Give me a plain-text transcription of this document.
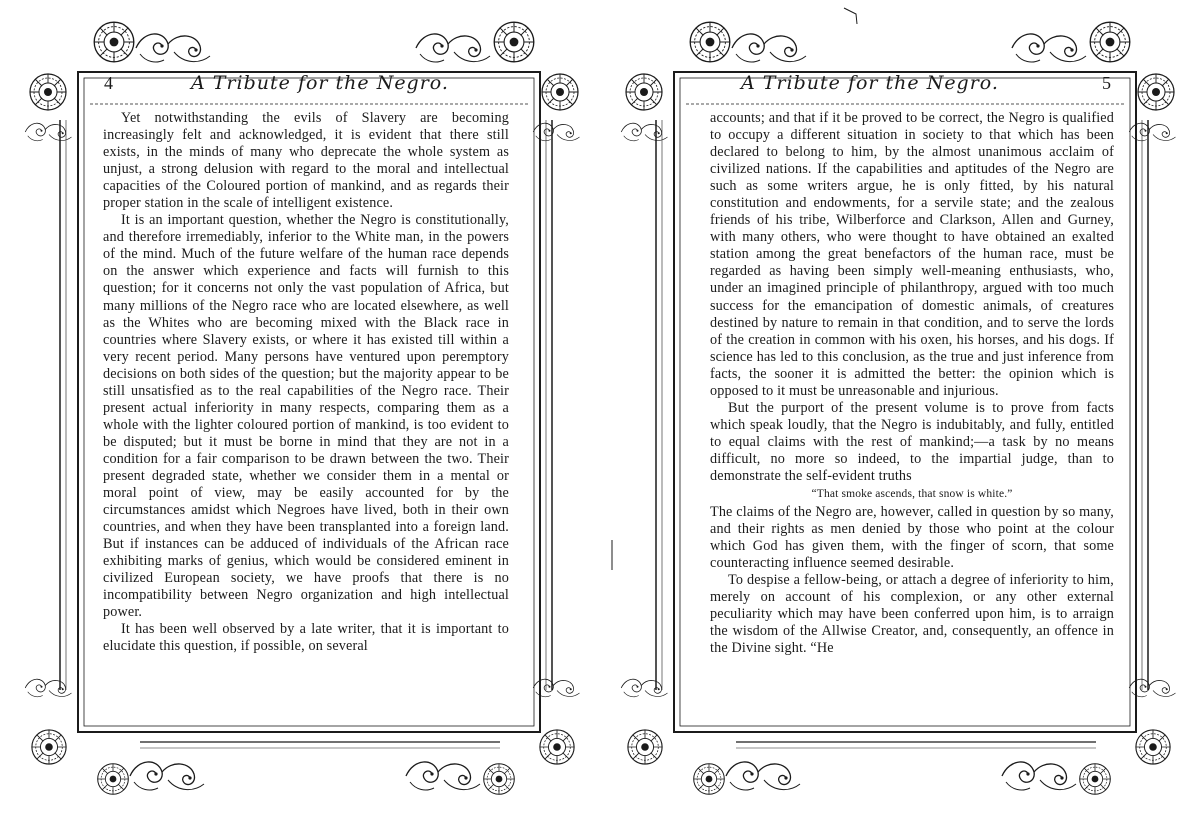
4	A Tribute for the Negro.

Yet notwithstanding the evils of Slavery are becoming increasingly felt and acknowledged, it is evident that there still exists, in the minds of many who deprecate the whole system as unjust, a strong delusion with regard to the moral and intellectual capacities of the Coloured portion of mankind, and as regards their proper station in the scale of intelligent existence.

It is an important question, whether the Negro is constitutionally, and therefore irremediably, inferior to the White man, in the powers of the mind. Much of the future welfare of the human race depends on the answer which experience and facts will furnish to this question; for it concerns not only the vast population of Africa, but many millions of the Negro race who are located elsewhere, as well as the Whites who are becoming mixed with the Black race in countries where Slavery exists, or where it has existed till within a very recent period. Many persons have ventured upon peremptory decisions on both sides of the question; but the majority appear to be still unsatisfied as to the real capabilities of the Negro race. Their present actual inferiority in many respects, comparing them as a whole with the lighter coloured portion of mankind, is too evident to be disputed; but it must be borne in mind that they are not in a condition for a fair comparison to be drawn between the two. Their present degraded state, whether we consider them in a mental or moral point of view, may be easily accounted for by the circumstances amidst which Negroes have lived, both in their own countries, and when they have been transplanted into a foreign land. But if instances can be adduced of individuals of the African race exhibiting marks of genius, which would be considered eminent in civilized European society, we have proofs that there is no incompatibility between Negro organization and high intellectual power.

It has been well observed by a late writer, that it is important to elucidate this question, if possible, on several

A Tribute for the Negro.	5

accounts; and that if it be proved to be correct, the Negro is qualified to occupy a different situation in society to that which has been declared to belong to him, by the almost unanimous acclaim of civilized nations. If the capabilities and aptitudes of the Negro are such as some writers argue, he is only fitted, by his natural constitution and endowments, for a servile state; and the zealous friends of his tribe, Wilberforce and Clarkson, Allen and Gurney, with many others, who were thought to have obtained an exalted station among the great benefactors of the human race, must be regarded as having been simply well-meaning enthusiasts, who, under an imagined principle of philanthropy, argued with too much success for the emancipation of domestic animals, of creatures destined by nature to remain in that condition, and to serve the lords of the creation in common with his oxen, his horses, and his dogs. If science has led to this conclusion, as the true and just inference from facts, the sooner it is admitted the better: the opinion which is opposed to it must be unreasonable and injurious.

But the purport of the present volume is to prove from facts which speak loudly, that the Negro is indubitably, and fully, entitled to equal claims with the rest of mankind;—a task by no means difficult, no more so indeed, to the impartial judge, than to demonstrate the self-evident truths

“That smoke ascends, that snow is white.”

The claims of the Negro are, however, called in question by so many, and their rights as men denied by those who point at the colour which God has given them, with the finger of scorn, that some counteracting influence seemed desirable.

To despise a fellow-being, or attach a degree of inferiority to him, merely on account of his complexion, or any other external peculiarity which may have been conferred upon him, is to arraign the wisdom of the Allwise Creator, and, consequently, an offence in the Divine sight. “He
